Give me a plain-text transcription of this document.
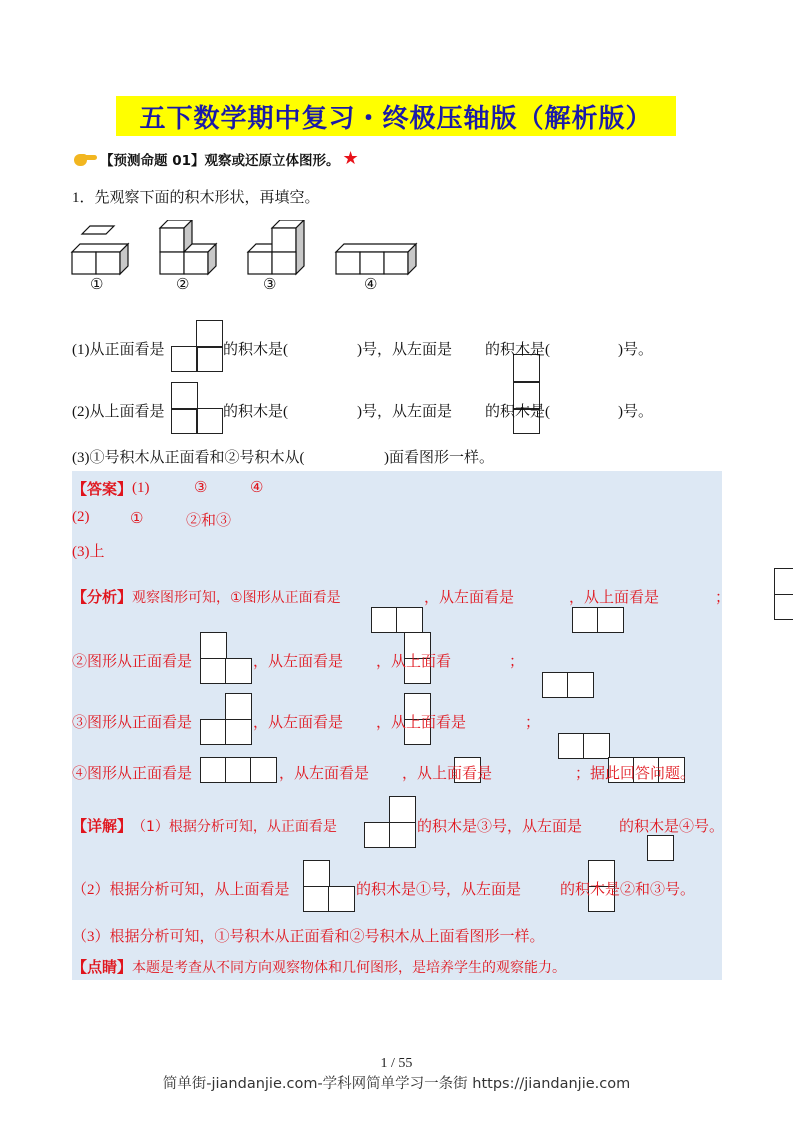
五下数学期中复习・终极压轴版（解析版）
【预测命题 01】观察或还原立体图形。 ★
1．先观察下面的积木形状，再填空。
①	②	③	④
(1)从正面看是
	的积木是(	)号，从左面是 的积木是(	)号。
(2)从上面看是
	的积木是(	)号，从左面是 的积木是(	)号。
(3)①号积木从正面看和②号积木从(	)面看图形一样。
【答案】 (1)	③	④
(2)	①	②和③
(3)上
【分析】 观察图形可知，①图形从正面看是
	，从左面看是
	，从上面看是	；
②图形从正面看是
	，从左面看是
，从上面看	；
③图形从正面看是
	，从左面看是
，从上面看是	；
④图形从正面看是
	，从左面看是
，从上面看是	；据此回答问题。
【详解】 （1）根据分析可知，从正面看是
	的积木是③号，从左面是 的积木是④号。
（2）根据分析可知，从上面看是
	的积木是①号，从左面是	的积木是②和③号。
（3）根据分析可知，①号积木从正面看和②号积木从上面看图形一样。
【点睛】 本题是考查从不同方向观察物体和几何图形，是培养学生的观察能力。
1 / 55
简单街-jiandanjie.com-学科网简单学习一条街 https://jiandanjie.com
